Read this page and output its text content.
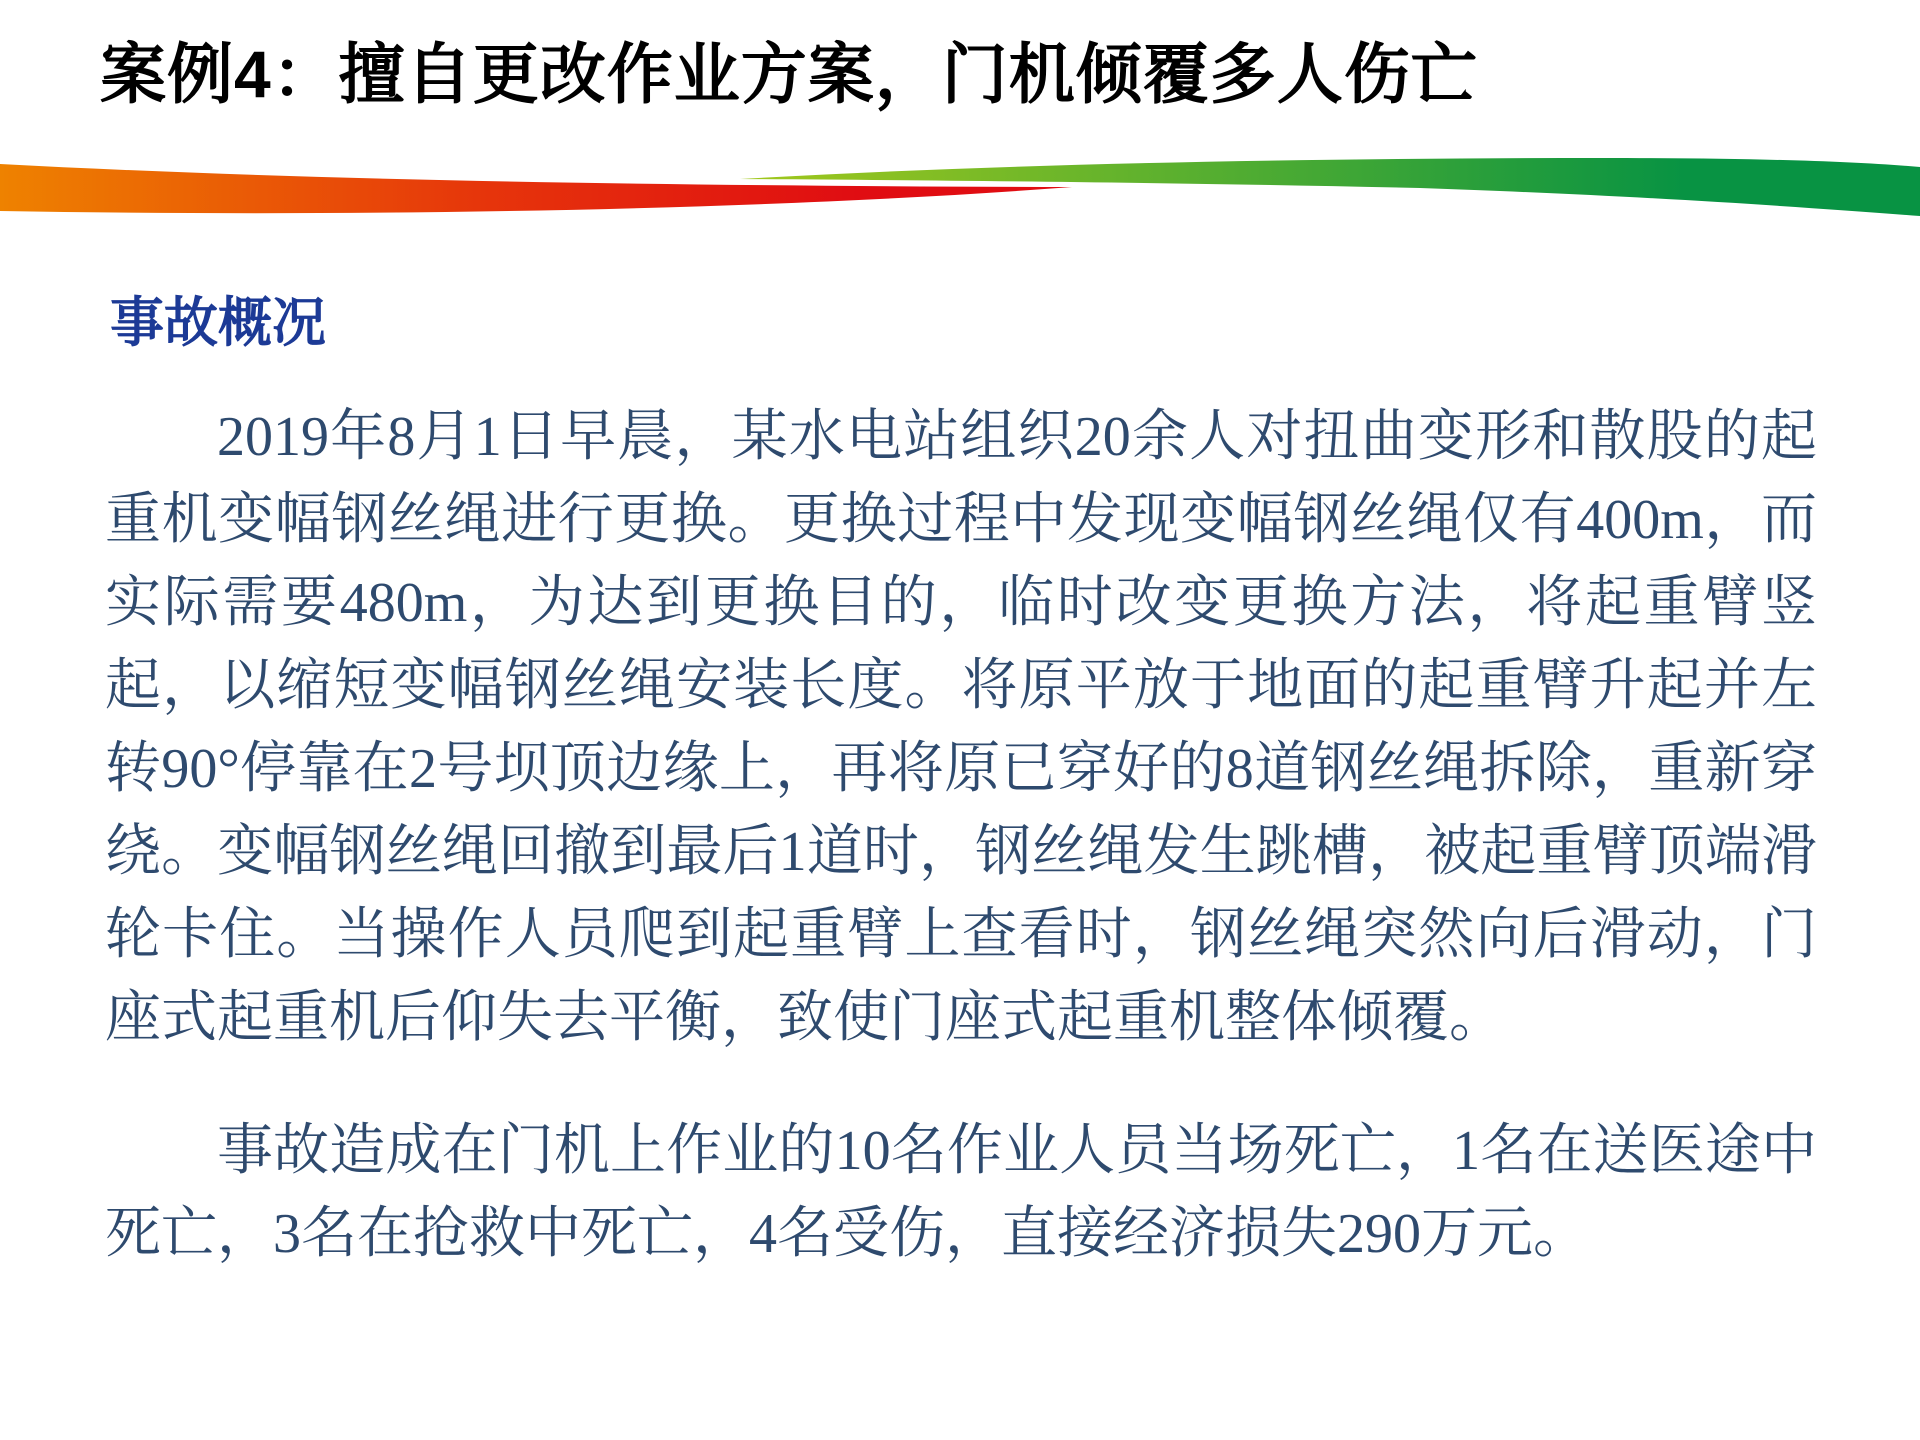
案例4：擅自更改作业方案，门机倾覆多人伤亡
事故概况

2019年8月1日早晨，某水电站组织20余人对扭曲变形和散股的起重机变幅钢丝绳进行更换。更换过程中发现变幅钢丝绳仅有400m，而实际需要480m，为达到更换目的，临时改变更换方法，将起重臂竖起，以缩短变幅钢丝绳安装长度。将原平放于地面的起重臂升起并左转90°停靠在2号坝顶边缘上，再将原已穿好的8道钢丝绳拆除，重新穿绕。变幅钢丝绳回撤到最后1道时，钢丝绳发生跳槽，被起重臂顶端滑轮卡住。当操作人员爬到起重臂上查看时，钢丝绳突然向后滑动，门座式起重机后仰失去平衡，致使门座式起重机整体倾覆。

事故造成在门机上作业的10名作业人员当场死亡，1名在送医途中死亡，3名在抢救中死亡，4名受伤，直接经济损失290万元。
